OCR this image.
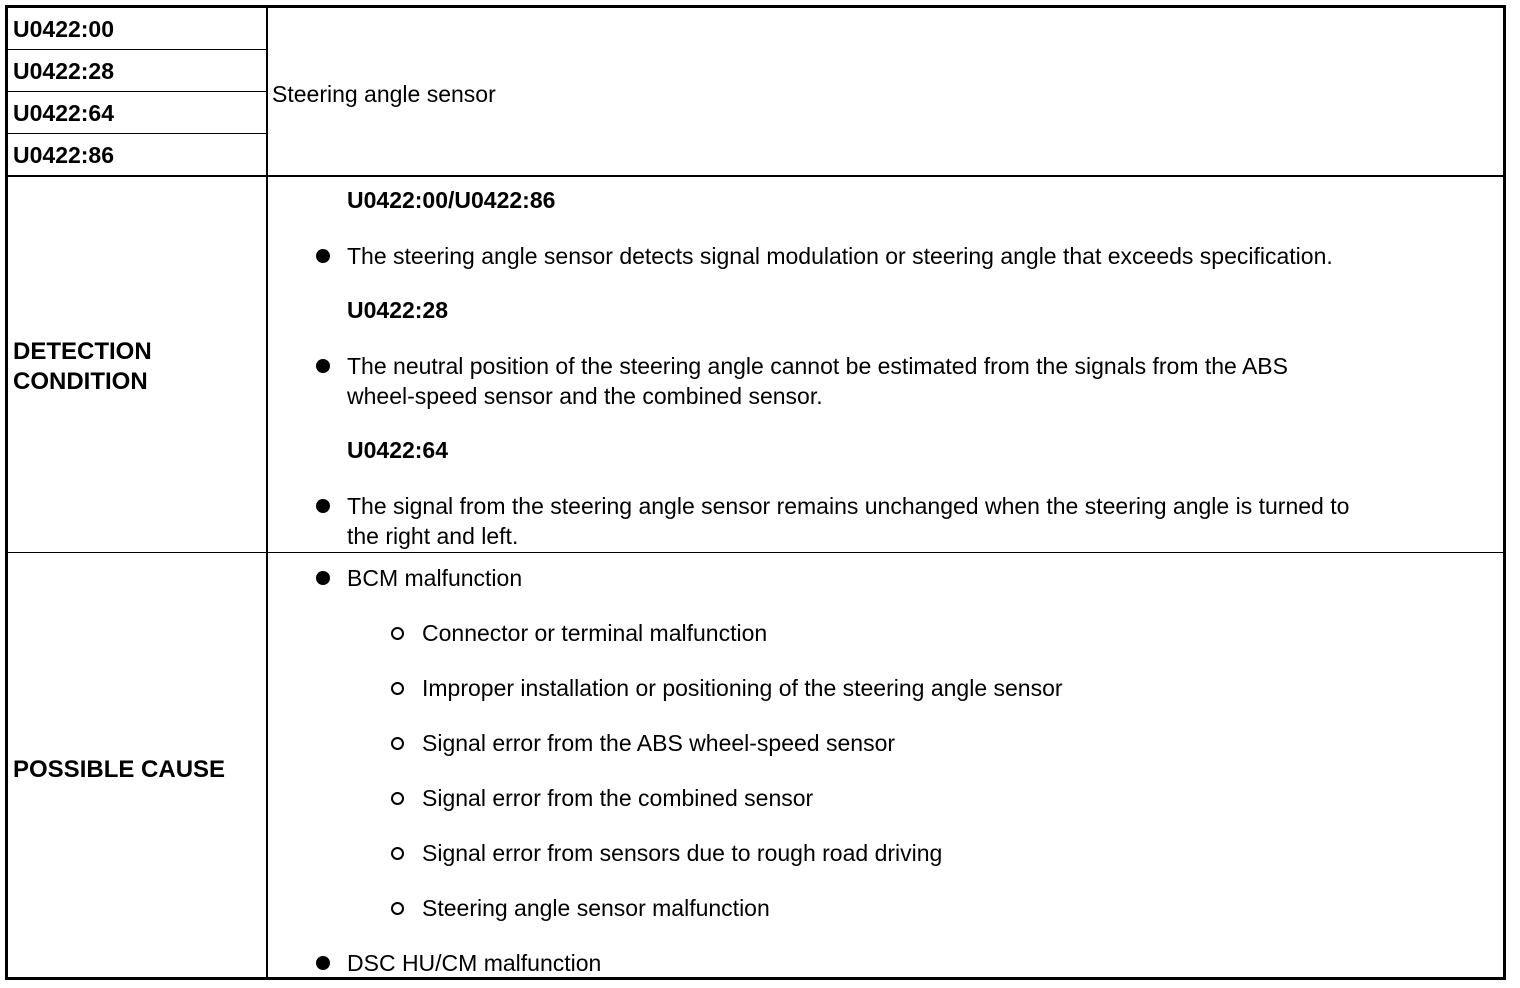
U0422:00
U0422:28
U0422:64
U0422:86
Steering angle sensor
DETECTION
CONDITION
U0422:00/U0422:86
The steering angle sensor detects signal modulation or steering angle that exceeds specification.
U0422:28
The neutral position of the steering angle cannot be estimated from the signals from the ABS
wheel-speed sensor and the combined sensor.
U0422:64
The signal from the steering angle sensor remains unchanged when the steering angle is turned to
the right and left.
POSSIBLE CAUSE
BCM malfunction
Connector or terminal malfunction
Improper installation or positioning of the steering angle sensor
Signal error from the ABS wheel-speed sensor
Signal error from the combined sensor
Signal error from sensors due to rough road driving
Steering angle sensor malfunction
DSC HU/CM malfunction
